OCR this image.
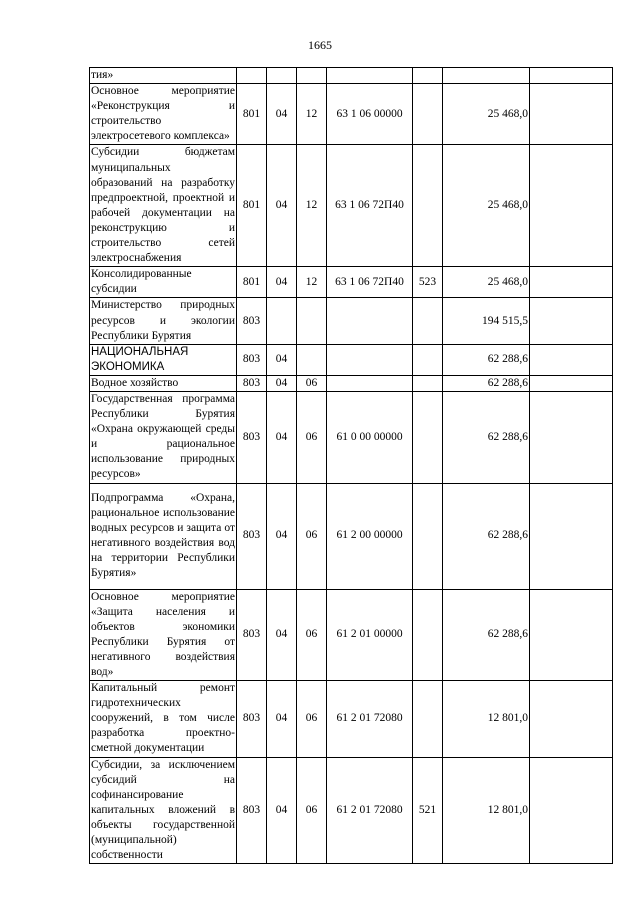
1665
тия»							
Основное мероприятие «Реконструкция и строительство электросетевого комплекса»	801	04	12	63 1 06 00000		25 468,0	
Субсидии бюджетам муниципальных образований на разработку предпроектной, проектной и рабочей документации на реконструкцию и строительство сетей электроснабжения	801	04	12	63 1 06 72П40		25 468,0	
Консолидированные субсидии	801	04	12	63 1 06 72П40	523	25 468,0	
Министерство природных ресурсов и экологии Республики Бурятия	803					194 515,5	
НАЦИОНАЛЬНАЯ ЭКОНОМИКА	803	04				62 288,6	
Водное хозяйство	803	04	06			62 288,6	
Государственная программа Республики Бурятия «Охрана окружающей среды и рациональное использование природных ресурсов»	803	04	06	61 0 00 00000		62 288,6	
Подпрограмма «Охрана, рациональное использование водных ресурсов и защита от негативного воздействия вод на территории Республики Бурятия»	803	04	06	61 2 00 00000		62 288,6	
Основное мероприятие «Защита населения и объектов экономики Республики Бурятия от негативного воздействия вод»	803	04	06	61 2 01 00000		62 288,6	
Капитальный ремонт гидротехнических сооружений, в том числе разработка проектно-сметной документации	803	04	06	61 2 01 72080		12 801,0	
Субсидии, за исключением субсидий на софинансирование капитальных вложений в объекты государственной (муниципальной) собственности	803	04	06	61 2 01 72080	521	12 801,0	
